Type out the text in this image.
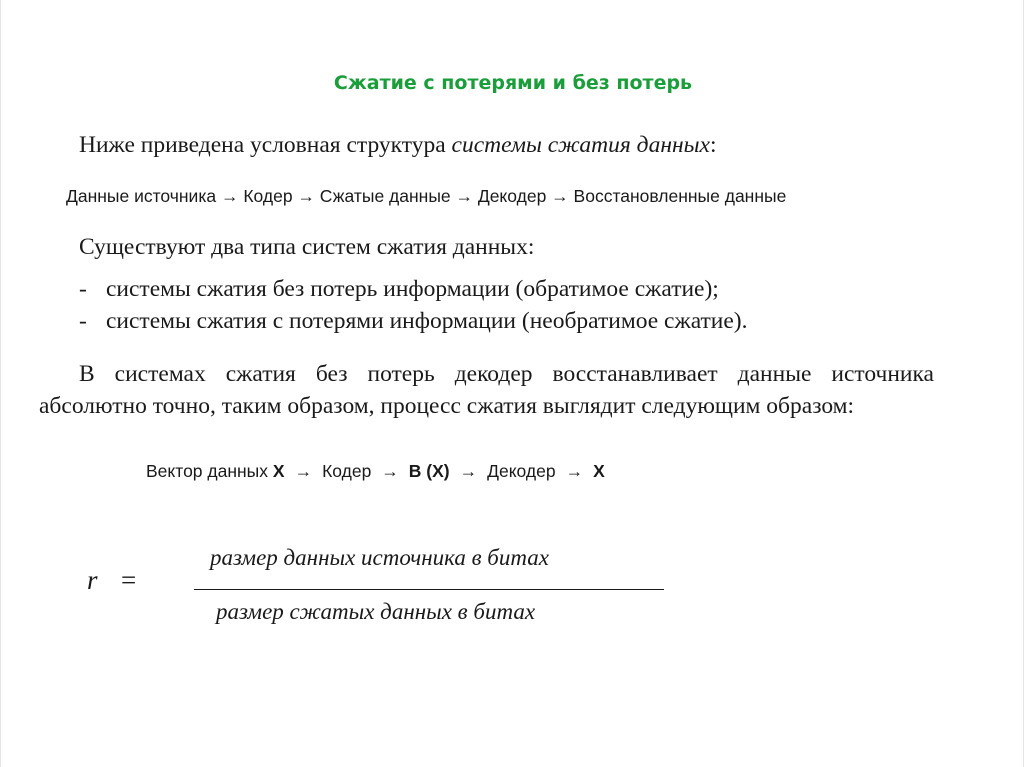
Сжатие с потерями и без потерь
Ниже приведена условная структура системы сжатия данных:
Данные источника → Кодер → Сжатые данные → Декодер → Восстановленные данные
Существуют два типа систем сжатия данных:
- системы сжатия без потерь информации (обратимое сжатие);
- системы сжатия с потерями информации (необратимое сжатие).
В системах сжатия без потерь декодер восстанавливает данные источника абсолютно точно, таким образом, процесс сжатия выглядит следующим образом:
Вектор данных X → Кодер → B (X) → Декодер → X
r =
размер данных источника в битах
размер сжатых данных в битах
